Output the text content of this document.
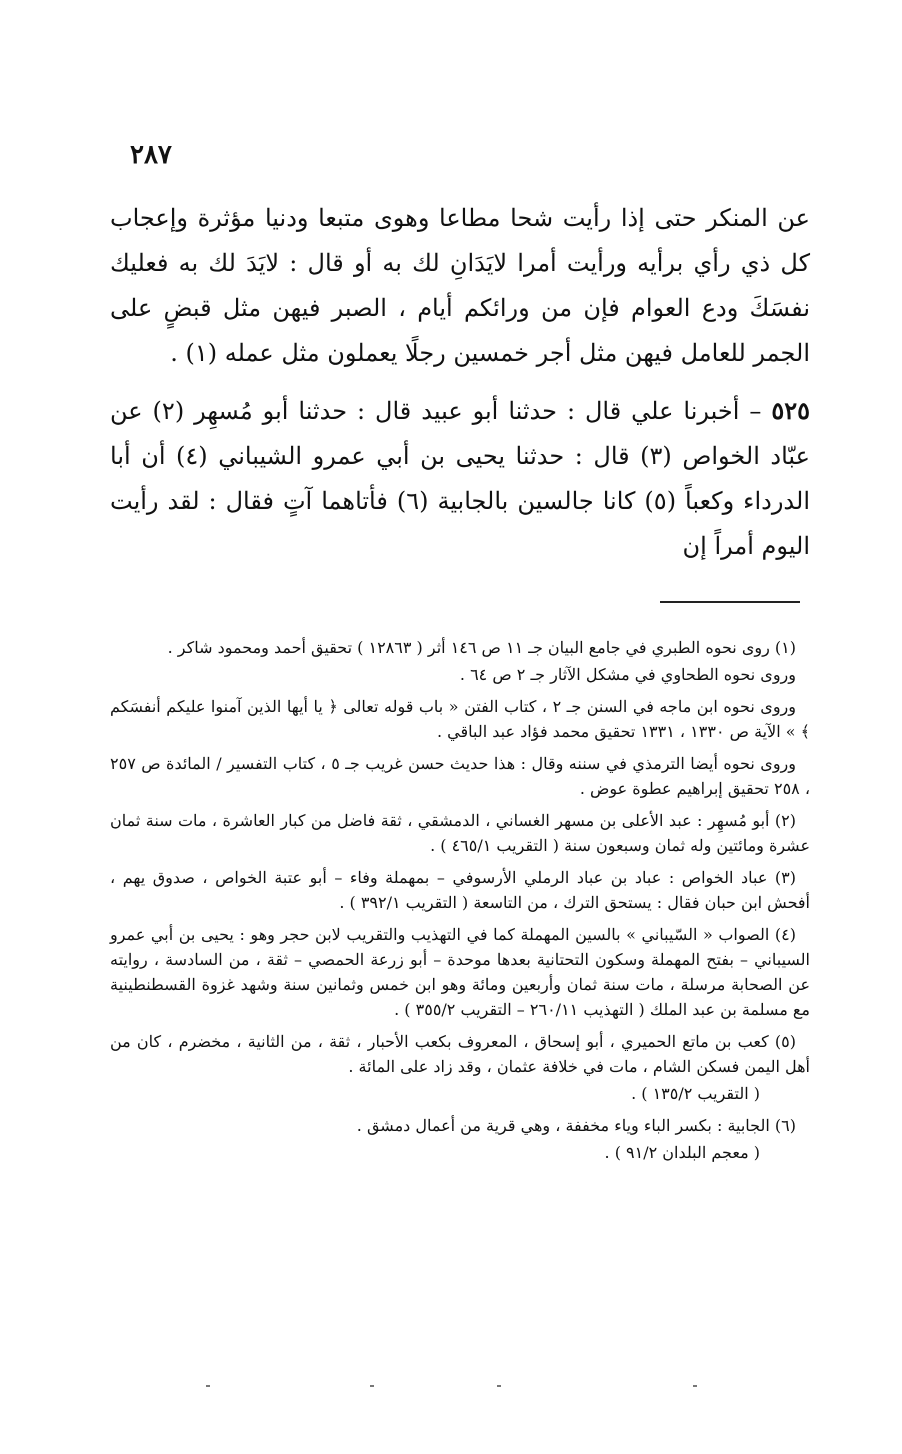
٢٨٧

عن المنكر حتى إذا رأيت شحا مطاعا وهوى متبعا ودنيا مؤثرة وإعجاب كل ذي رأي برأيه ورأيت أمرا لايَدَانِ لك به أو قال : لايَدَ لك به فعليك نفسَكَ ودع العوام فإن من ورائكم أيام ، الصبر فيهن مثل قبضٍ على الجمر للعامل فيهن مثل أجر خمسين رجلًا يعملون مثل عمله (١) .

٥٢٥ – أخبرنا علي قال : حدثنا أبو عبيد قال : حدثنا أبو مُسهِر (٢) عن عبّاد الخواص (٣) قال : حدثنا يحيى بن أبي عمرو الشيباني (٤) أن أبا الدرداء وكعباً (٥) كانا جالسين بالجابية (٦) فأتاهما آتٍ فقال : لقد رأيت اليوم أمراً إن

(١) روى نحوه الطبري في جامع البيان جـ ١١ ص ١٤٦ أثر ( ١٢٨٦٣ ) تحقيق أحمد ومحمود شاكر .

وروى نحوه الطحاوي في مشكل الآثار جـ ٢ ص ٦٤ .

وروى نحوه ابن ماجه في السنن جـ ٢ ، كتاب الفتن « باب قوله تعالى ﴿ يا أيها الذين آمنوا عليكم أنفسَكم ﴾ » الآية ص ١٣٣٠ ، ١٣٣١ تحقيق محمد فؤاد عبد الباقي .

وروى نحوه أيضا الترمذي في سننه وقال : هذا حديث حسن غريب جـ ٥ ، كتاب التفسير / المائدة ص ٢٥٧ ، ٢٥٨ تحقيق إبراهيم عطوة عوض .

(٢) أبو مُسهِر : عبد الأعلى بن مسهر الغساني ، الدمشقي ، ثقة فاضل من كبار العاشرة ، مات سنة ثمان عشرة ومائتين وله ثمان وسبعون سنة ( التقريب ٤٦٥/١ ) .

(٣) عباد الخواص : عباد بن عباد الرملي الأرسوفي – بمهملة وفاء – أبو عتبة الخواص ، صدوق يهم ، أفحش ابن حبان فقال : يستحق الترك ، من التاسعة ( التقريب ٣٩٢/١ ) .

(٤) الصواب « السّيباني » بالسين المهملة كما في التهذيب والتقريب لابن حجر وهو : يحيى بن أبي عمرو السيباني – بفتح المهملة وسكون التحتانية بعدها موحدة – أبو زرعة الحمصي – ثقة ، من السادسة ، روايته عن الصحابة مرسلة ، مات سنة ثمان وأربعين ومائة وهو ابن خمس وثمانين سنة وشهد غزوة القسطنطينية مع مسلمة بن عبد الملك ( التهذيب ٢٦٠/١١ – التقريب ٣٥٥/٢ ) .

(٥) كعب بن ماتع الحميري ، أبو إسحاق ، المعروف بكعب الأحبار ، ثقة ، من الثانية ، مخضرم ، كان من أهل اليمن فسكن الشام ، مات في خلافة عثمان ، وقد زاد على المائة .

( التقريب ١٣٥/٢ ) .

(٦) الجابية : بكسر الباء وياء مخففة ، وهي قرية من أعمال دمشق .

( معجم البلدان ٩١/٢ ) .
